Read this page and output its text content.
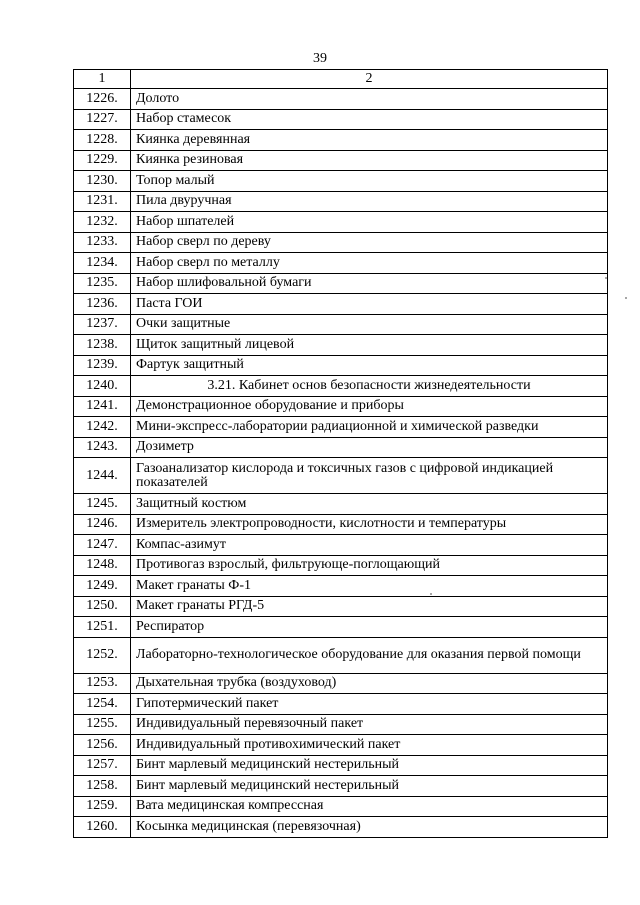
39
1	2
1226.	Долото
1227.	Набор стамесок
1228.	Киянка деревянная
1229.	Киянка резиновая
1230.	Топор малый
1231.	Пила двуручная
1232.	Набор шпателей
1233.	Набор сверл по дереву
1234.	Набор сверл по металлу
1235.	Набор шлифовальной бумаги
1236.	Паста ГОИ
1237.	Очки защитные
1238.	Щиток защитный лицевой
1239.	Фартук защитный
1240.	3.21. Кабинет основ безопасности жизнедеятельности
1241.	Демонстрационное оборудование и приборы
1242.	Мини-экспресс-лаборатории радиационной и химической разведки
1243.	Дозиметр
1244.	Газоанализатор кислорода и токсичных газов с цифровой индикацией показателей
1245.	Защитный костюм
1246.	Измеритель электропроводности, кислотности и температуры
1247.	Компас-азимут
1248.	Противогаз взрослый, фильтрующе-поглощающий
1249.	Макет гранаты Ф-1
1250.	Макет гранаты РГД-5
1251.	Респиратор
1252.	Лабораторно-технологическое оборудование для оказания первой помощи
1253.	Дыхательная трубка (воздуховод)
1254.	Гипотермический пакет
1255.	Индивидуальный перевязочный пакет
1256.	Индивидуальный противохимический пакет
1257.	Бинт марлевый медицинский нестерильный
1258.	Бинт марлевый медицинский нестерильный
1259.	Вата медицинская компрессная
1260.	Косынка медицинская (перевязочная)
